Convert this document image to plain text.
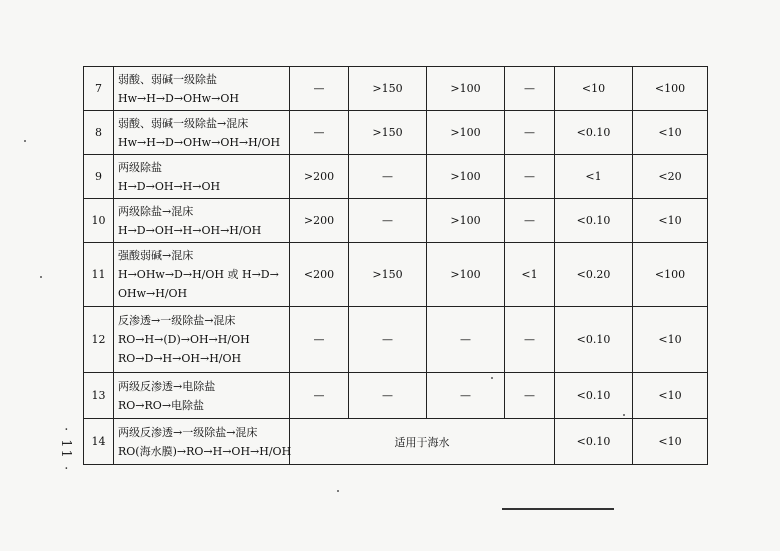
· 11 ·
7	弱酸、弱碱一级除盐
Hw→H→D→OHw→OH	—	>150	>100	—	<10	<100
8	弱酸、弱碱一级除盐→混床
Hw→H→D→OHw→OH→H/OH	—	>150	>100	—	<0.10	<10
9	两级除盐
H→D→OH→H→OH	>200	—	>100	—	<1	<20
10	两级除盐→混床
H→D→OH→H→OH→H/OH	>200	—	>100	—	<0.10	<10
11	强酸弱碱→混床
H→OHw→D→H/OH 或 H→D→
OHw→H/OH	<200	>150	>100	<1	<0.20	<100
12	反渗透→一级除盐→混床
RO→H→(D)→OH→H/OH
RO→D→H→OH→H/OH	—	—	—	—	<0.10	<10
13	两级反渗透→电除盐
RO→RO→电除盐	—	—	—	—	<0.10	<10
14	两级反渗透→一级除盐→混床
RO(海水膜)→RO→H→OH→H/OH	适用于海水				<0.10	<10
